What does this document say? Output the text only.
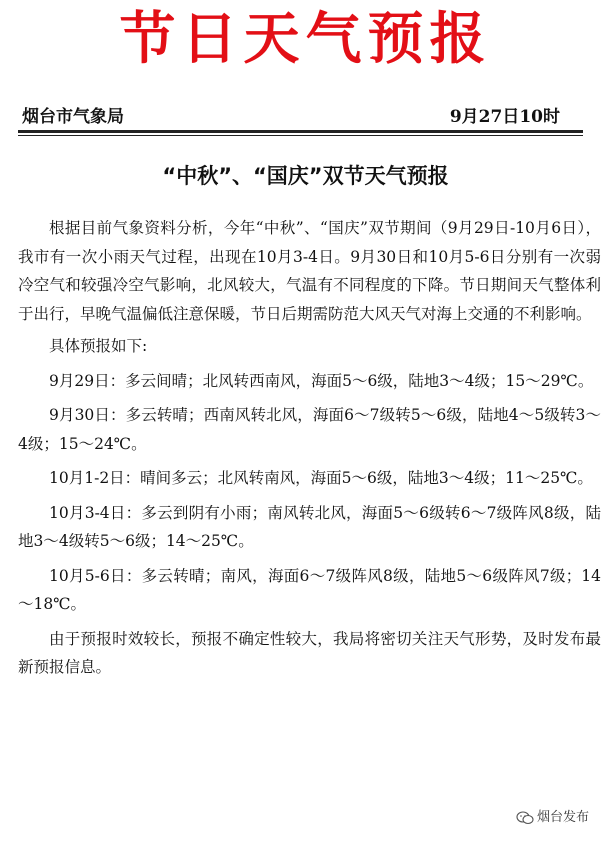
节日天气预报
烟台市气象局	9月27日10时
“中秋”、“国庆”双节天气预报

根据目前气象资料分析，今年“中秋”、“国庆”双节期间（9月29日-10月6日），我市有一次小雨天气过程，出现在10月3-4日。9月30日和10月5-6日分别有一次弱冷空气和较强冷空气影响，北风较大，气温有不同程度的下降。节日期间天气整体利于出行，早晚气温偏低注意保暖，节日后期需防范大风天气对海上交通的不利影响。

具体预报如下:

9月29日：多云间晴；北风转西南风，海面5～6级，陆地3～4级；15～29℃。

9月30日：多云转晴；西南风转北风，海面6～7级转5～6级，陆地4～5级转3～4级；15～24℃。

10月1-2日：晴间多云；北风转南风，海面5～6级，陆地3～4级；11～25℃。

10月3-4日：多云到阴有小雨；南风转北风，海面5～6级转6～7级阵风8级，陆地3～4级转5～6级；14～25℃。

10月5-6日：多云转晴；南风，海面6～7级阵风8级，陆地5～6级阵风7级；14～18℃。

由于预报时效较长，预报不确定性较大，我局将密切关注天气形势，及时发布最新预报信息。

烟台发布
